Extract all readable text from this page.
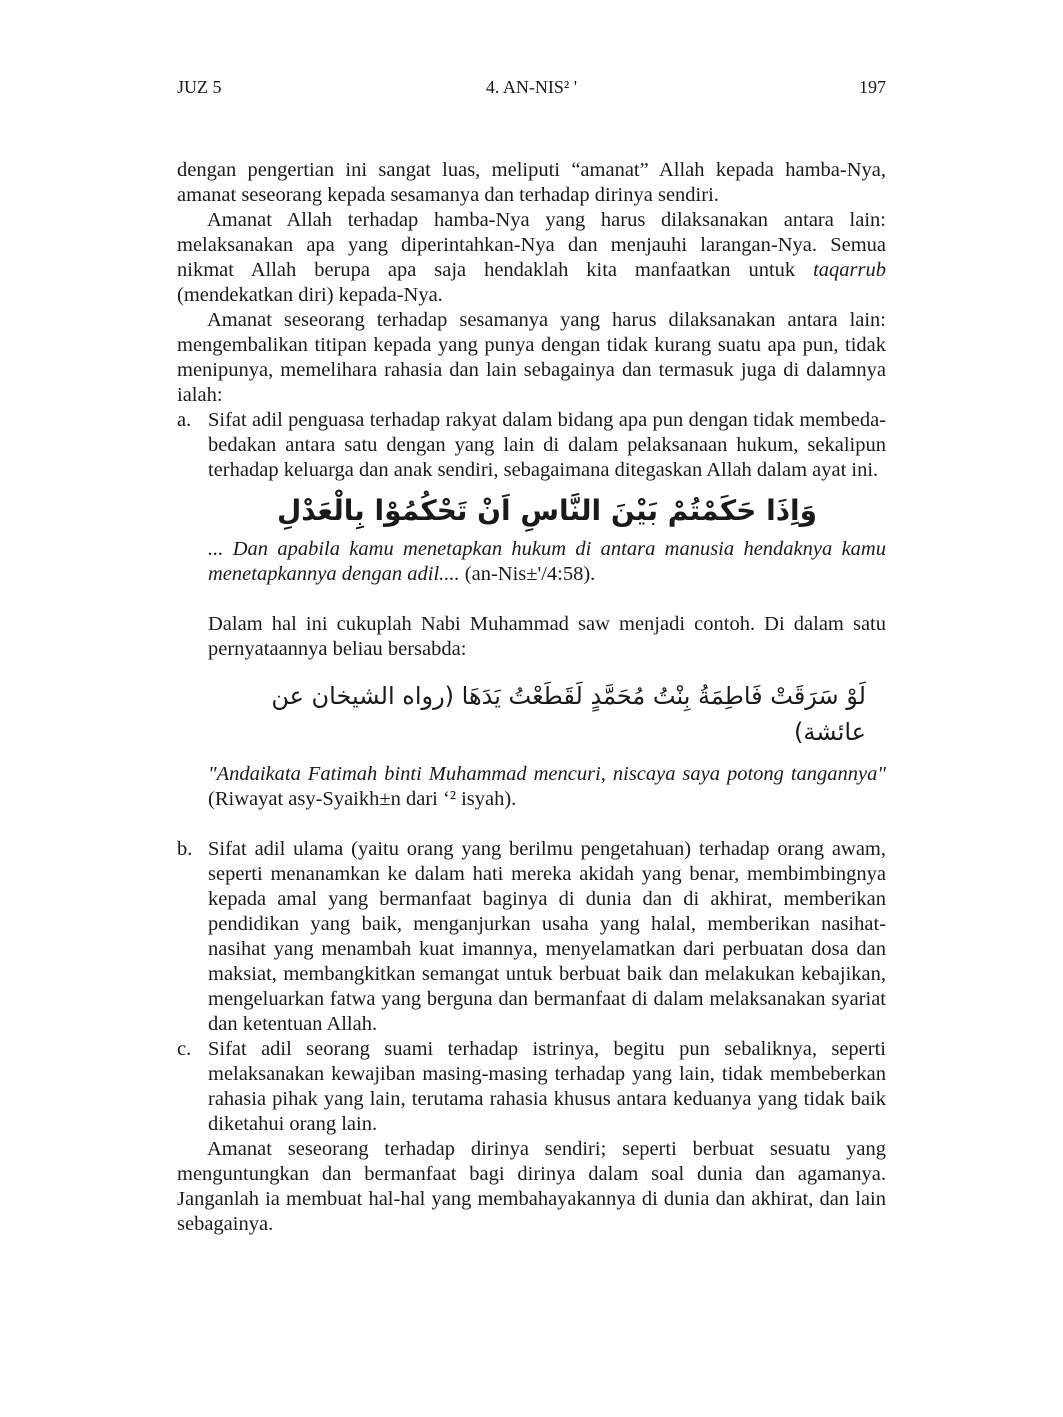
JUZ 5	4. AN-NIS² '	197

dengan pengertian ini sangat luas, meliputi “amanat” Allah kepada hamba-Nya, amanat seseorang kepada sesamanya dan terhadap dirinya sendiri.

Amanat Allah terhadap hamba-Nya yang harus dilaksanakan antara lain: melaksanakan apa yang diperintahkan-Nya dan menjauhi larangan-Nya. Semua nikmat Allah berupa apa saja hendaklah kita manfaatkan untuk taqarrub (mendekatkan diri) kepada-Nya.

Amanat seseorang terhadap sesamanya yang harus dilaksanakan antara lain: mengembalikan titipan kepada yang punya dengan tidak kurang suatu apa pun, tidak menipunya, memelihara rahasia dan lain sebagainya dan termasuk juga di dalamnya ialah:

a. Sifat adil penguasa terhadap rakyat dalam bidang apa pun dengan tidak membeda-bedakan antara satu dengan yang lain di dalam pelaksanaan hukum, sekalipun terhadap keluarga dan anak sendiri, sebagaimana ditegaskan Allah dalam ayat ini.

وَاِذَا حَكَمْتُمْ بَيْنَ النَّاسِ اَنْ تَحْكُمُوْا بِالْعَدْلِ

... Dan apabila kamu menetapkan hukum di antara manusia hendaknya kamu menetapkannya dengan adil.... (an-Nis±'/4:58).

Dalam hal ini cukuplah Nabi Muhammad saw menjadi contoh. Di dalam satu pernyataannya beliau bersabda:

لَوْ سَرَقَتْ فَاطِمَةُ بِنْتُ مُحَمَّدٍ لَقَطَعْتُ يَدَهَا (رواه الشيخان عن عائشة)

"Andaikata Fatimah binti Muhammad mencuri, niscaya saya potong tangannya" (Riwayat asy-Syaikh±n dari ‘² isyah).

b. Sifat adil ulama (yaitu orang yang berilmu pengetahuan) terhadap orang awam, seperti menanamkan ke dalam hati mereka akidah yang benar, membimbingnya kepada amal yang bermanfaat baginya di dunia dan di akhirat, memberikan pendidikan yang baik, menganjurkan usaha yang halal, memberikan nasihat-nasihat yang menambah kuat imannya, menyelamatkan dari perbuatan dosa dan maksiat, membangkitkan semangat untuk berbuat baik dan melakukan kebajikan, mengeluarkan fatwa yang berguna dan bermanfaat di dalam melaksanakan syariat dan ketentuan Allah.

c. Sifat adil seorang suami terhadap istrinya, begitu pun sebaliknya, seperti melaksanakan kewajiban masing-masing terhadap yang lain, tidak membeberkan rahasia pihak yang lain, terutama rahasia khusus antara keduanya yang tidak baik diketahui orang lain.

Amanat seseorang terhadap dirinya sendiri; seperti berbuat sesuatu yang menguntungkan dan bermanfaat bagi dirinya dalam soal dunia dan agamanya. Janganlah ia membuat hal-hal yang membahayakannya di dunia dan akhirat, dan lain sebagainya.
